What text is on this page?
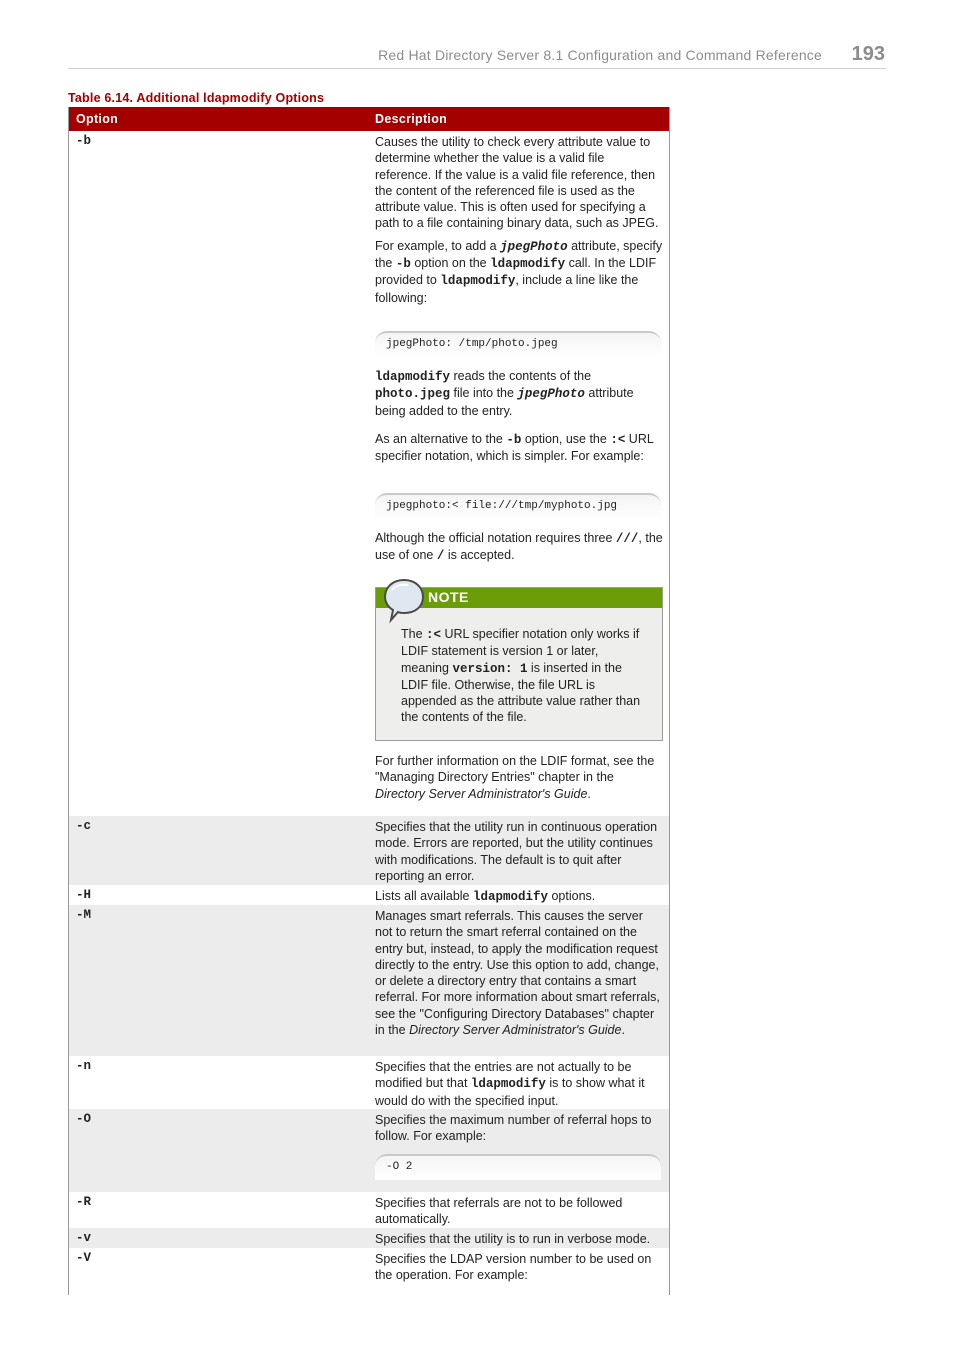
Red Hat Directory Server 8.1 Configuration and Command Reference 193
Table 6.14. Additional ldapmodify Options
Option	Description
-b	Causes the utility to check every attribute value to determine whether the value is a valid file reference. If the value is a valid file reference, then the content of the referenced file is used as the attribute value. This is often used for specifying a path to a file containing binary data, such as JPEG.

For example, to add a jpegPhoto attribute, specify the -b option on the ldapmodify call. In the LDIF provided to ldapmodify, include a line like the following:

jpegPhoto: /tmp/photo.jpeg

ldapmodify reads the contents of the photo.jpeg file into the jpegPhoto attribute being added to the entry.

As an alternative to the -b option, use the :< URL specifier notation, which is simpler. For example:

jpegphoto:< file:///tmp/myphoto.jpg

Although the official notation requires three ///, the use of one / is accepted.

NOTE
The :< URL specifier notation only works if LDIF statement is version 1 or later, meaning version: 1 is inserted in the LDIF file. Otherwise, the file URL is appended as the attribute value rather than the contents of the file.

For further information on the LDIF format, see the "Managing Directory Entries" chapter in the Directory Server Administrator's Guide.

-c	Specifies that the utility run in continuous operation mode. Errors are reported, but the utility continues with modifications. The default is to quit after reporting an error.
-H	Lists all available ldapmodify options.
-M	Manages smart referrals. This causes the server not to return the smart referral contained on the entry but, instead, to apply the modification request directly to the entry. Use this option to add, change, or delete a directory entry that contains a smart referral. For more information about smart referrals, see the "Configuring Directory Databases" chapter in the Directory Server Administrator's Guide.
-n	Specifies that the entries are not actually to be modified but that ldapmodify is to show what it would do with the specified input.
-O	Specifies the maximum number of referral hops to follow. For example:
-O 2
-R	Specifies that referrals are not to be followed automatically.
-v	Specifies that the utility is to run in verbose mode.
-V	Specifies the LDAP version number to be used on the operation. For example:
